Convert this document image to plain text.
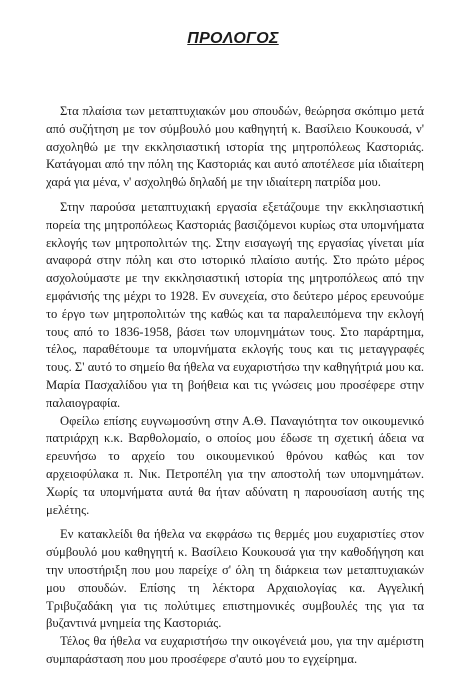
ΠΡΟΛΟΓΟΣ

Στα πλαίσια των μεταπτυχιακών μου σπουδών, θεώρησα σκόπιμο μετά από συζήτηση με τον σύμβουλό μου καθηγητή κ. Βασίλειο Κουκουσά, ν' ασχοληθώ με την εκκλησιαστική ιστορία της μητροπόλεως Καστοριάς. Κατάγομαι από την πόλη της Καστοριάς και αυτό αποτέλεσε μία ιδιαίτερη χαρά για μένα, ν' ασχοληθώ δηλαδή με την ιδιαίτερη πατρίδα μου.

Στην παρούσα μεταπτυχιακή εργασία εξετάζουμε την εκκλησιαστική πορεία της μητροπόλεως Καστοριάς βασιζόμενοι κυρίως στα υπομνήματα εκλογής των μητροπολιτών της. Στην εισαγωγή της εργασίας γίνεται μία αναφορά στην πόλη και στο ιστορικό πλαίσιο αυτής. Στο πρώτο μέρος ασχολούμαστε με την εκκλησιαστική ιστορία της μητροπόλεως από την εμφάνισής της μέχρι το 1928. Εν συνεχεία, στο δεύτερο μέρος ερευνούμε το έργο των μητροπολιτών της καθώς και τα παραλειπόμενα την εκλογή τους από το 1836-1958, βάσει των υπομνημάτων τους. Στο παράρτημα, τέλος, παραθέτουμε τα υπομνήματα εκλογής τους και τις μεταγγραφές τους. Σ' αυτό το σημείο θα ήθελα να ευχαριστήσω την καθηγήτριά μου κα. Μαρία Πασχαλίδου για τη βοήθεια και τις γνώσεις μου προσέφερε στην παλαιογραφία.

Οφείλω επίσης ευγνωμοσύνη στην Α.Θ. Παναγιότητα τον οικουμενικό πατριάρχη κ.κ. Βαρθολομαίο, ο οποίος μου έδωσε τη σχετική άδεια να ερευνήσω το αρχείο του οικουμενικού θρόνου καθώς και τον αρχειοφύλακα π. Νικ. Πετροπέλη για την αποστολή των υπομνημάτων. Χωρίς τα υπομνήματα αυτά θα ήταν αδύνατη η παρουσίαση αυτής της μελέτης.

Εν κατακλείδι θα ήθελα να εκφράσω τις θερμές μου ευχαριστίες στον σύμβουλό μου καθηγητή κ. Βασίλειο Κουκουσά για την καθοδήγηση και την υποστήριξη που μου παρείχε σ' όλη τη διάρκεια των μεταπτυχιακών μου σπουδών. Επίσης τη λέκτορα Αρχαιολογίας κα. Αγγελική Τριβυζαδάκη για τις πολύτιμες επιστημονικές συμβουλές της για τα βυζαντινά μνημεία της Καστοριάς.

Τέλος θα ήθελα να ευχαριστήσω την οικογένειά μου, για την αμέριστη συμπαράσταση που μου προσέφερε σ'αυτό μου το εγχείρημα.
